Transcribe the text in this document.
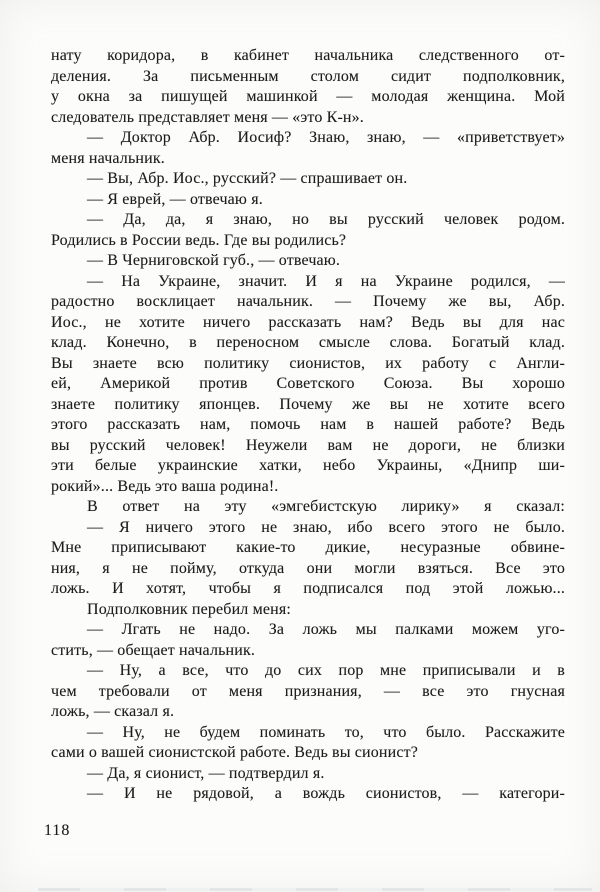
нату коридора, в кабинет начальника следственного от-
деления. За письменным столом сидит подполковник,
у окна за пишущей машинкой — молодая женщина. Мой
следователь представляет меня — «это К-н».
— Доктор Абр. Иосиф? Знаю, знаю, — «приветствует»
меня начальник.
— Вы, Абр. Иос., русский? — спрашивает он.
— Я еврей, — отвечаю я.
— Да, да, я знаю, но вы русский человек родом.
Родились в России ведь. Где вы родились?
— В Черниговской губ., — отвечаю.
— На Украине, значит. И я на Украине родился, —
радостно восклицает начальник. — Почему же вы, Абр.
Иос., не хотите ничего рассказать нам? Ведь вы для нас
клад. Конечно, в переносном смысле слова. Богатый клад.
Вы знаете всю политику сионистов, их работу с Англи-
ей, Америкой против Советского Союза. Вы хорошо
знаете политику японцев. Почему же вы не хотите всего
этого рассказать нам, помочь нам в нашей работе? Ведь
вы русский человек! Неужели вам не дороги, не близки
эти белые украинские хатки, небо Украины, «Днипр ши-
рокий»... Ведь это ваша родина!.
В ответ на эту «эмгебистскую лирику» я сказал:
— Я ничего этого не знаю, ибо всего этого не было.
Мне приписывают какие-то дикие, несуразные обвине-
ния, я не пойму, откуда они могли взяться. Все это
ложь. И хотят, чтобы я подписался под этой ложью...
Подполковник перебил меня:
— Лгать не надо. За ложь мы палками можем уго-
стить, — обещает начальник.
— Ну, а все, что до сих пор мне приписывали и в
чем требовали от меня признания, — все это гнусная
ложь, — сказал я.
— Ну, не будем поминать то, что было. Расскажите
сами о вашей сионистской работе. Ведь вы сионист?
— Да, я сионист, — подтвердил я.
— И не рядовой, а вождь сионистов, — категори-
118
